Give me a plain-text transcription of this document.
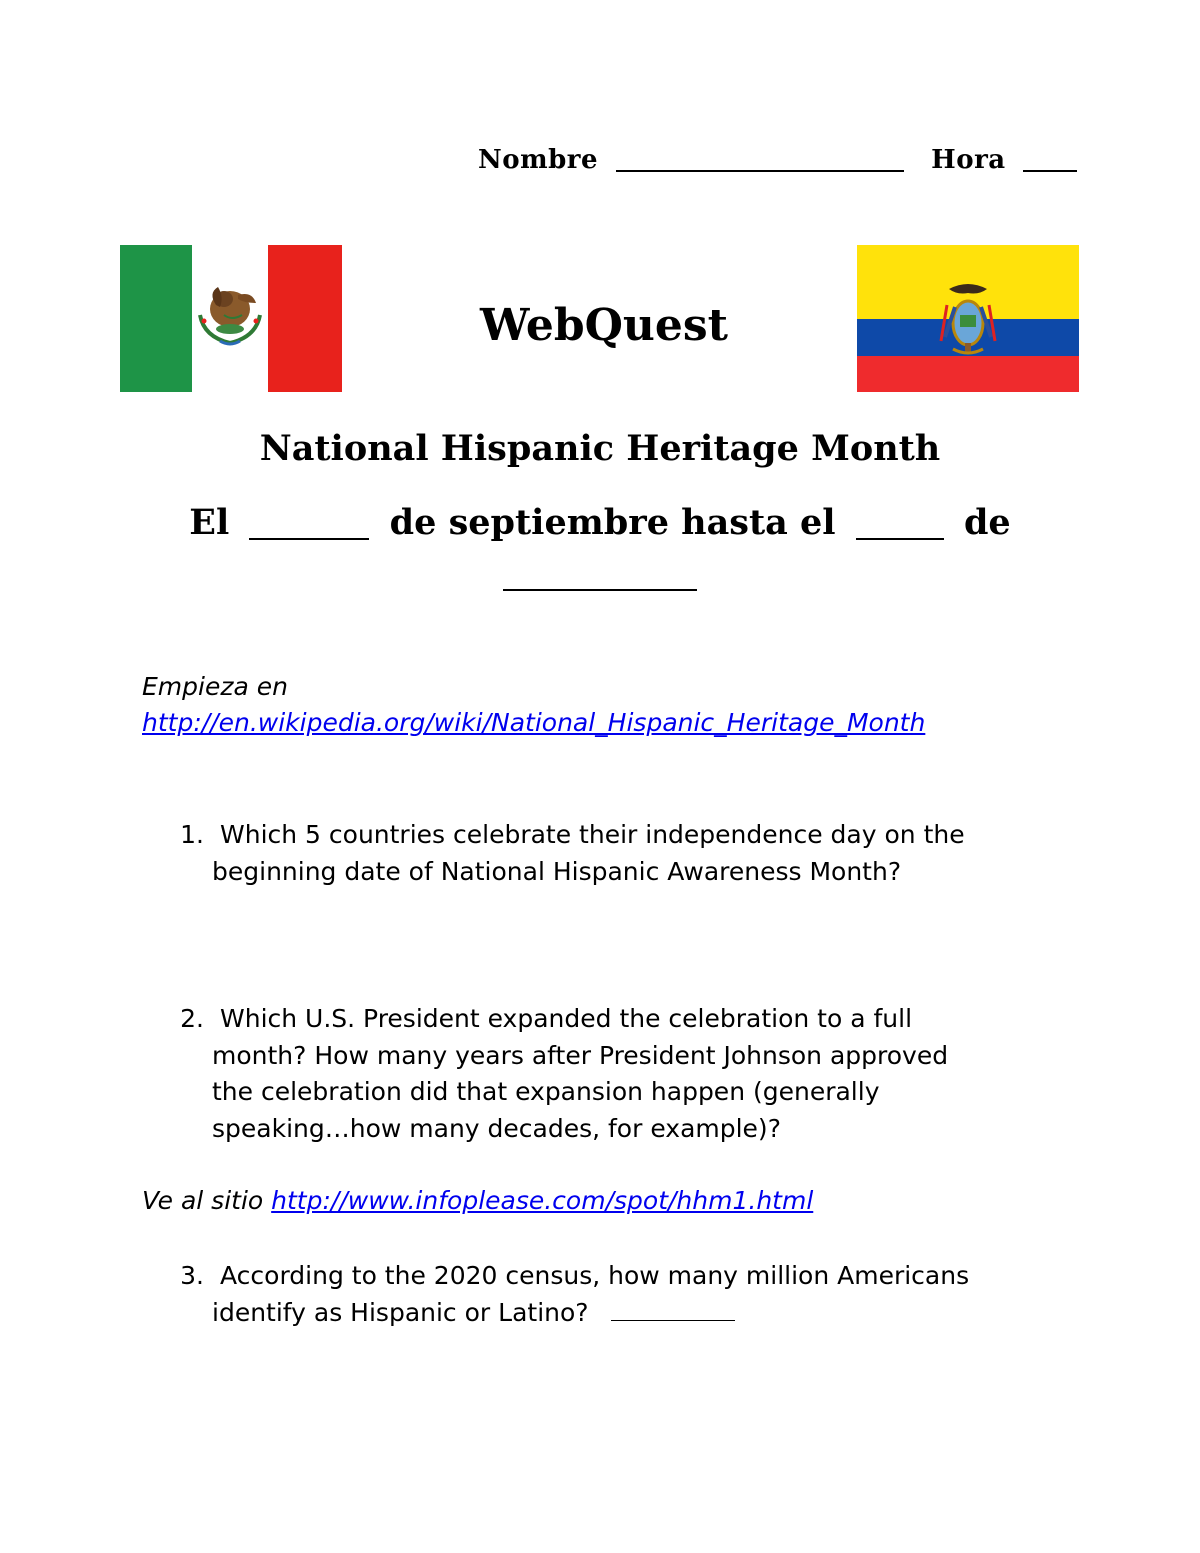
Nombre	Hora
WebQuest
National Hispanic Heritage Month
El	de septiembre hasta el	de
Empieza en
http://en.wikipedia.org/wiki/National_Hispanic_Heritage_Month
1. Which 5 countries celebrate their independence day on the
beginning date of National Hispanic Awareness Month?
2. Which U.S. President expanded the celebration to a full
month? How many years after President Johnson approved
the celebration did that expansion happen (generally
speaking…how many decades, for example)?
Ve al sitio http://www.infoplease.com/spot/hhm1.html
3. According to the 2020 census, how many million Americans
identify as Hispanic or Latino?
